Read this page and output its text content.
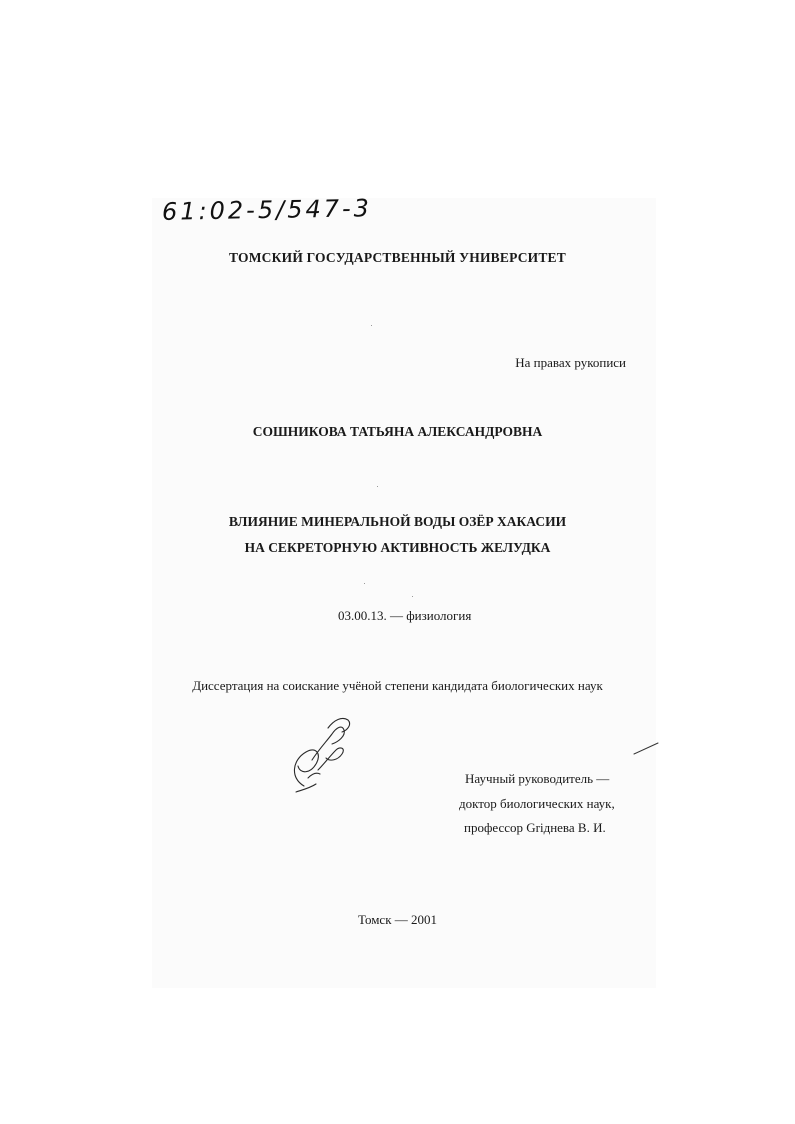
61:02-5/547-3

ТОМСКИЙ ГОСУДАРСТВЕННЫЙ УНИВЕРСИТЕТ

На правах рукописи

СОШНИКОВА ТАТЬЯНА АЛЕКСАНДРОВНА

ВЛИЯНИЕ МИНЕРАЛЬНОЙ ВОДЫ ОЗЁР ХАКАСИИ

НА СЕКРЕТОРНУЮ АКТИВНОСТЬ ЖЕЛУДКА

03.00.13. — физиология

Диссертация на соискание учёной степени кандидата биологических наук

Научный руководитель —

доктор биологических наук,

профессор Griднева В. И.

Томск — 2001
